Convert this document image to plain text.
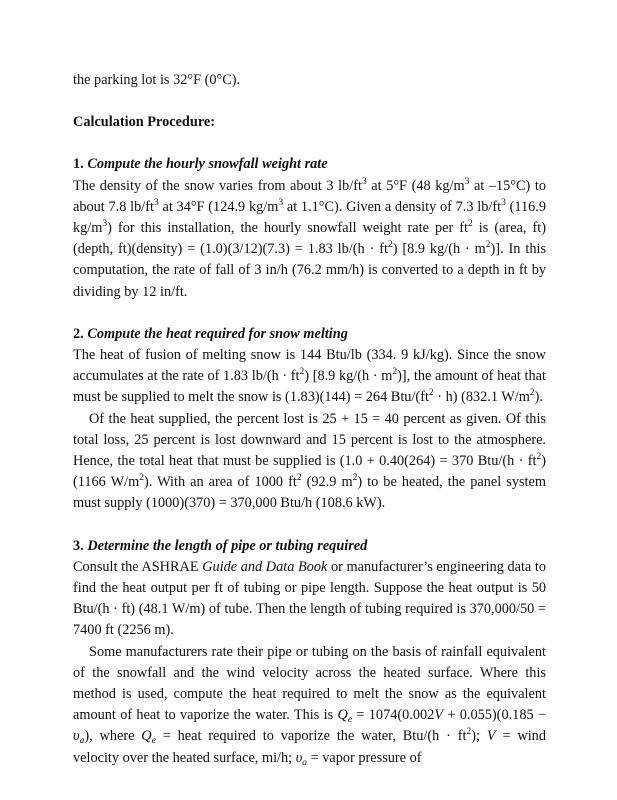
the parking lot is 32°F (0°C).

Calculation Procedure:

1. Compute the hourly snowfall weight rate

The density of the snow varies from about 3 $lb/ft^3$ at 5°F (48 $kg/m^3$ at –15°C) to about 7.8 $lb/ft^3$ at 34°F (124.9 $kg/m^3$ at 1.1°C). Given a density of 7.3 $lb/ft^3$ (116.9 $kg/m^3$) for this installation, the hourly snowfall weight rate per $ft^2$ is (area, ft)(depth, ft)(density) = (1.0)(3/12)(7.3) = 1.83 $lb/(h \cdot ft^2)$ [8.9 $kg/(h \cdot m^2)$]. In this computation, the rate of fall of 3 in/h (76.2 mm/h) is converted to a depth in ft by dividing by 12 in/ft.

2. Compute the heat required for snow melting

The heat of fusion of melting snow is 144 Btu/lb (334. 9 kJ/kg). Since the snow accumulates at the rate of 1.83 $lb/(h \cdot ft^2)$ [8.9 $kg/(h \cdot m^2)$], the amount of heat that must be supplied to melt the snow is (1.83)(144) = 264 Btu/$(ft^2 \cdot h)$ (832.1 $W/m^2$).

Of the heat supplied, the percent lost is 25 + 15 = 40 percent as given. Of this total loss, 25 percent is lost downward and 15 percent is lost to the atmosphere. Hence, the total heat that must be supplied is (1.0 + 0.40(264) = 370 $Btu/(h \cdot ft^2)$ (1166 $W/m^2$). With an area of 1000 $ft^2$ (92.9 $m^2$) to be heated, the panel system must supply (1000)(370) = 370,000 Btu/h (108.6 kW).

3. Determine the length of pipe or tubing required

Consult the ASHRAE Guide and Data Book or manufacturer’s engineering data to find the heat output per ft of tubing or pipe length. Suppose the heat output is 50 Btu/(h · ft) (48.1 W/m) of tube. Then the length of tubing required is 370,000/50 = 7400 ft (2256 m).

Some manufacturers rate their pipe or tubing on the basis of rainfall equivalent of the snowfall and the wind velocity across the heated surface. Where this method is used, compute the heat required to melt the snow as the equivalent amount of heat to vaporize the water. This is $Q_e = 1074(0.002V + 0.055)(0.185 - \upsilon_a)$, where $Q_e$ = heat required to vaporize the water, $Btu/(h \cdot ft^2)$; V = wind velocity over the heated surface, mi/h; $\upsilon_a$ = vapor pressure of
